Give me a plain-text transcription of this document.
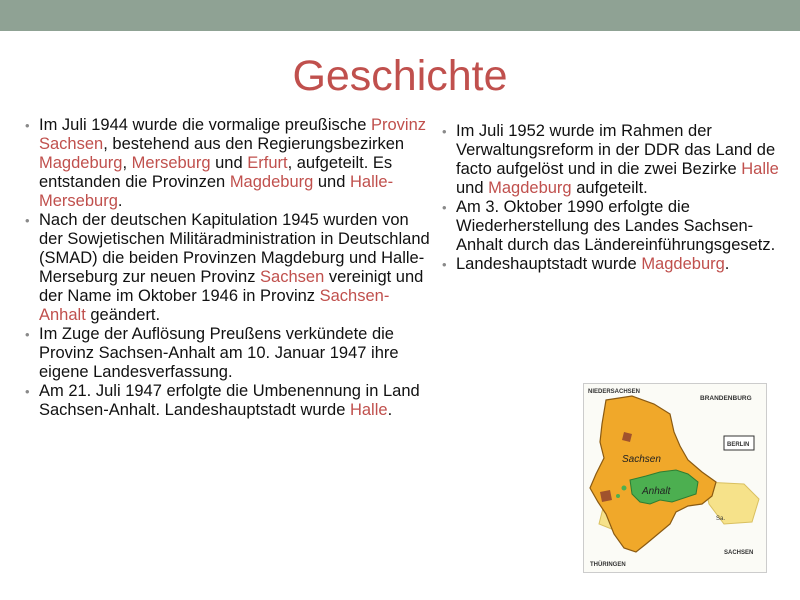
Geschichte
• Im Juli 1944 wurde die vormalige preußische Provinz Sachsen, bestehend aus den Regierungsbezirken Magdeburg, Merseburg und Erfurt, aufgeteilt. Es entstanden die Provinzen Magdeburg und Halle-Merseburg.
• Nach der deutschen Kapitulation 1945 wurden von der Sowjetischen Militäradministration in Deutschland (SMAD) die beiden Provinzen Magdeburg und Halle-Merseburg zur neuen Provinz Sachsen vereinigt und der Name im Oktober 1946 in Provinz Sachsen-Anhalt geändert.
• Im Zuge der Auflösung Preußens verkündete die Provinz Sachsen-Anhalt am 10. Januar 1947 ihre eigene Landesverfassung.
• Am 21. Juli 1947 erfolgte die Umbenennung in Land Sachsen-Anhalt. Landeshauptstadt wurde Halle.
• Im Juli 1952 wurde im Rahmen der Verwaltungsreform in der DDR das Land de facto aufgelöst und in die zwei Bezirke Halle und Magdeburg aufgeteilt.
• Am 3. Oktober 1990 erfolgte die Wiederherstellung des Landes Sachsen-Anhalt durch das Ländereinführungsgesetz.
• Landeshauptstadt wurde Magdeburg.
NIEDERSACHSEN
BRANDENBURG
BERLIN
Sachsen
Anhalt
Sa.
THÜRINGEN
SACHSEN
